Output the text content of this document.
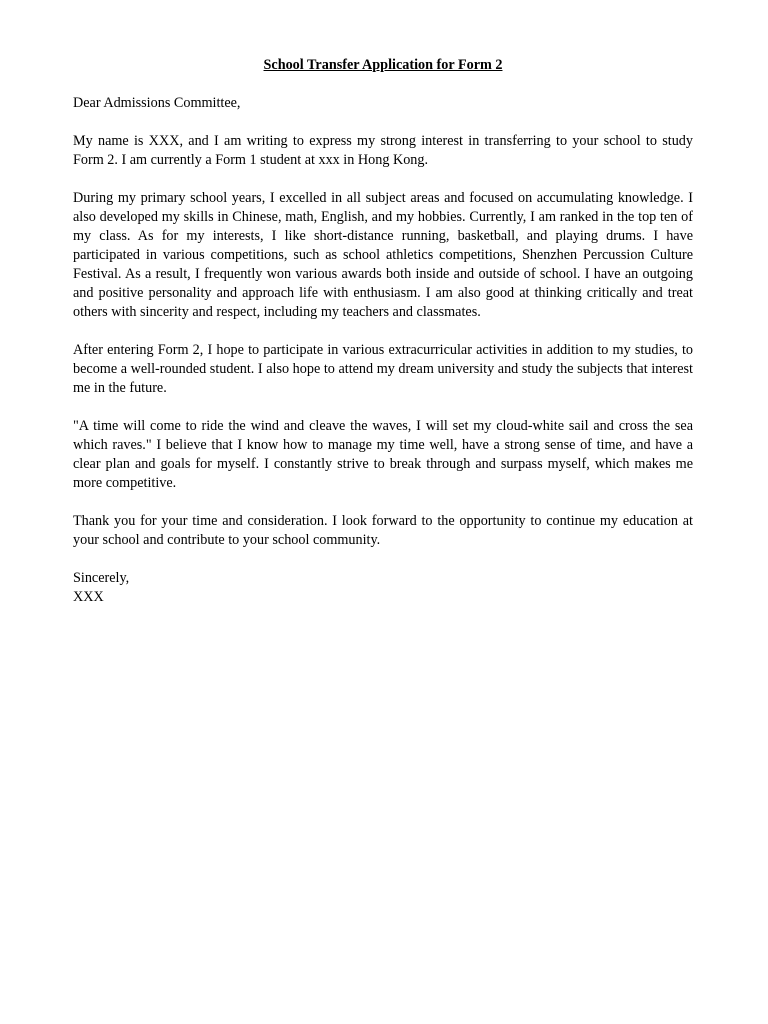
School Transfer Application for Form 2
Dear Admissions Committee,
My name is XXX, and I am writing to express my strong interest in transferring to your school to study Form 2. I am currently a Form 1 student at xxx in Hong Kong.
During my primary school years, I excelled in all subject areas and focused on accumulating knowledge. I also developed my skills in Chinese, math, English, and my hobbies. Currently, I am ranked in the top ten of my class. As for my interests, I like short-distance running, basketball, and playing drums. I have participated in various competitions, such as school athletics competitions, Shenzhen Percussion Culture Festival. As a result, I frequently won various awards both inside and outside of school. I have an outgoing and positive personality and approach life with enthusiasm. I am also good at thinking critically and treat others with sincerity and respect, including my teachers and classmates.
After entering Form 2, I hope to participate in various extracurricular activities in addition to my studies, to become a well-rounded student. I also hope to attend my dream university and study the subjects that interest me in the future.
"A time will come to ride the wind and cleave the waves, I will set my cloud-white sail and cross the sea which raves." I believe that I know how to manage my time well, have a strong sense of time, and have a clear plan and goals for myself. I constantly strive to break through and surpass myself, which makes me more competitive.
Thank you for your time and consideration. I look forward to the opportunity to continue my education at your school and contribute to your school community.
Sincerely,
XXX
